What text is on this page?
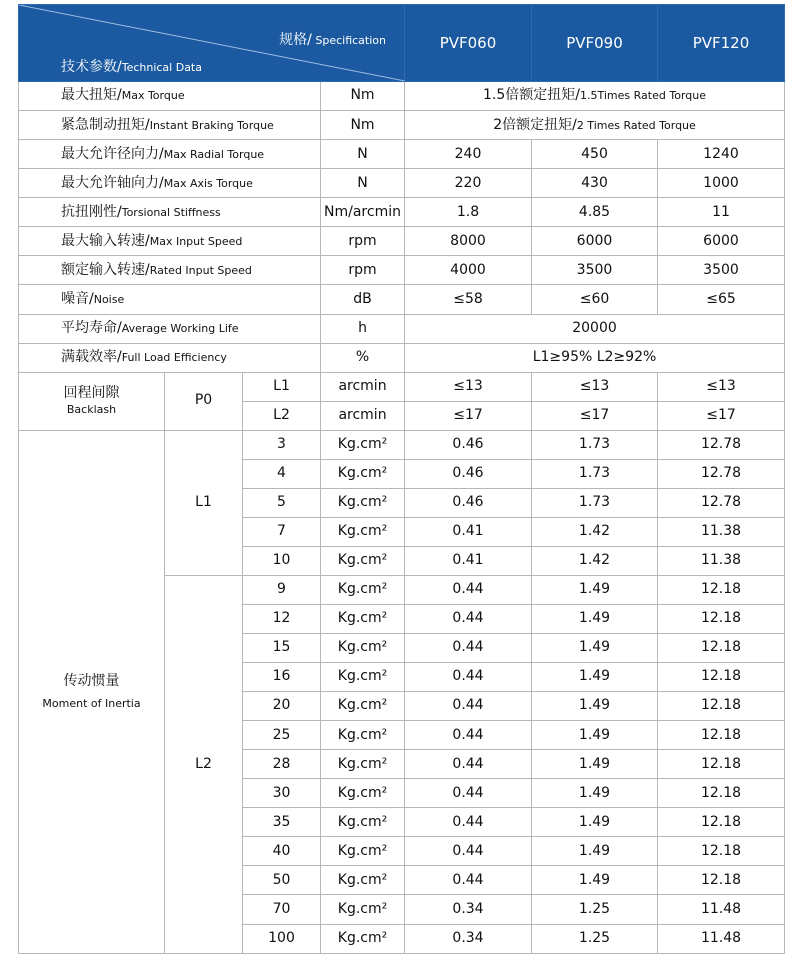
规格/ Specification
技术参数/Technical Data				PVF060	PVF090	PVF120
最大扭矩/Max Torque			Nm	1.5倍额定扭矩/1.5Times Rated Torque		
紧急制动扭矩/Instant Braking Torque			Nm	2倍额定扭矩/2 Times Rated Torque		
最大允许径向力/Max Radial Torque			N	240	450	1240
最大允许轴向力/Max Axis Torque			N	220	430	1000
抗扭刚性/Torsional Stiffness			Nm/arcmin	1.8	4.85	11
最大输入转速/Max Input Speed			rpm	8000	6000	6000
额定输入转速/Rated Input Speed			rpm	4000	3500	3500
噪音/Noise			dB	≤58	≤60	≤65
平均寿命/Average Working Life			h	20000		
满载效率/Full Load Efficiency			%	L1≥95% L2≥92%		

回程间隙
Backlash	P0	L1	arcmin	≤13	≤13	≤13
		L2	arcmin	≤17	≤17	≤17

传动惯量
Moment of Inertia	L1	3	Kg.cm²	0.46	1.73	12.78
		4	Kg.cm²	0.46	1.73	12.78
		5	Kg.cm²	0.46	1.73	12.78
		7	Kg.cm²	0.41	1.42	11.38
		10	Kg.cm²	0.41	1.42	11.38
	L2	9	Kg.cm²	0.44	1.49	12.18
		12	Kg.cm²	0.44	1.49	12.18
		15	Kg.cm²	0.44	1.49	12.18
		16	Kg.cm²	0.44	1.49	12.18
		20	Kg.cm²	0.44	1.49	12.18
		25	Kg.cm²	0.44	1.49	12.18
		28	Kg.cm²	0.44	1.49	12.18
		30	Kg.cm²	0.44	1.49	12.18
		35	Kg.cm²	0.44	1.49	12.18
		40	Kg.cm²	0.44	1.49	12.18
		50	Kg.cm²	0.44	1.49	12.18
		70	Kg.cm²	0.34	1.25	11.48
		100	Kg.cm²	0.34	1.25	11.48
